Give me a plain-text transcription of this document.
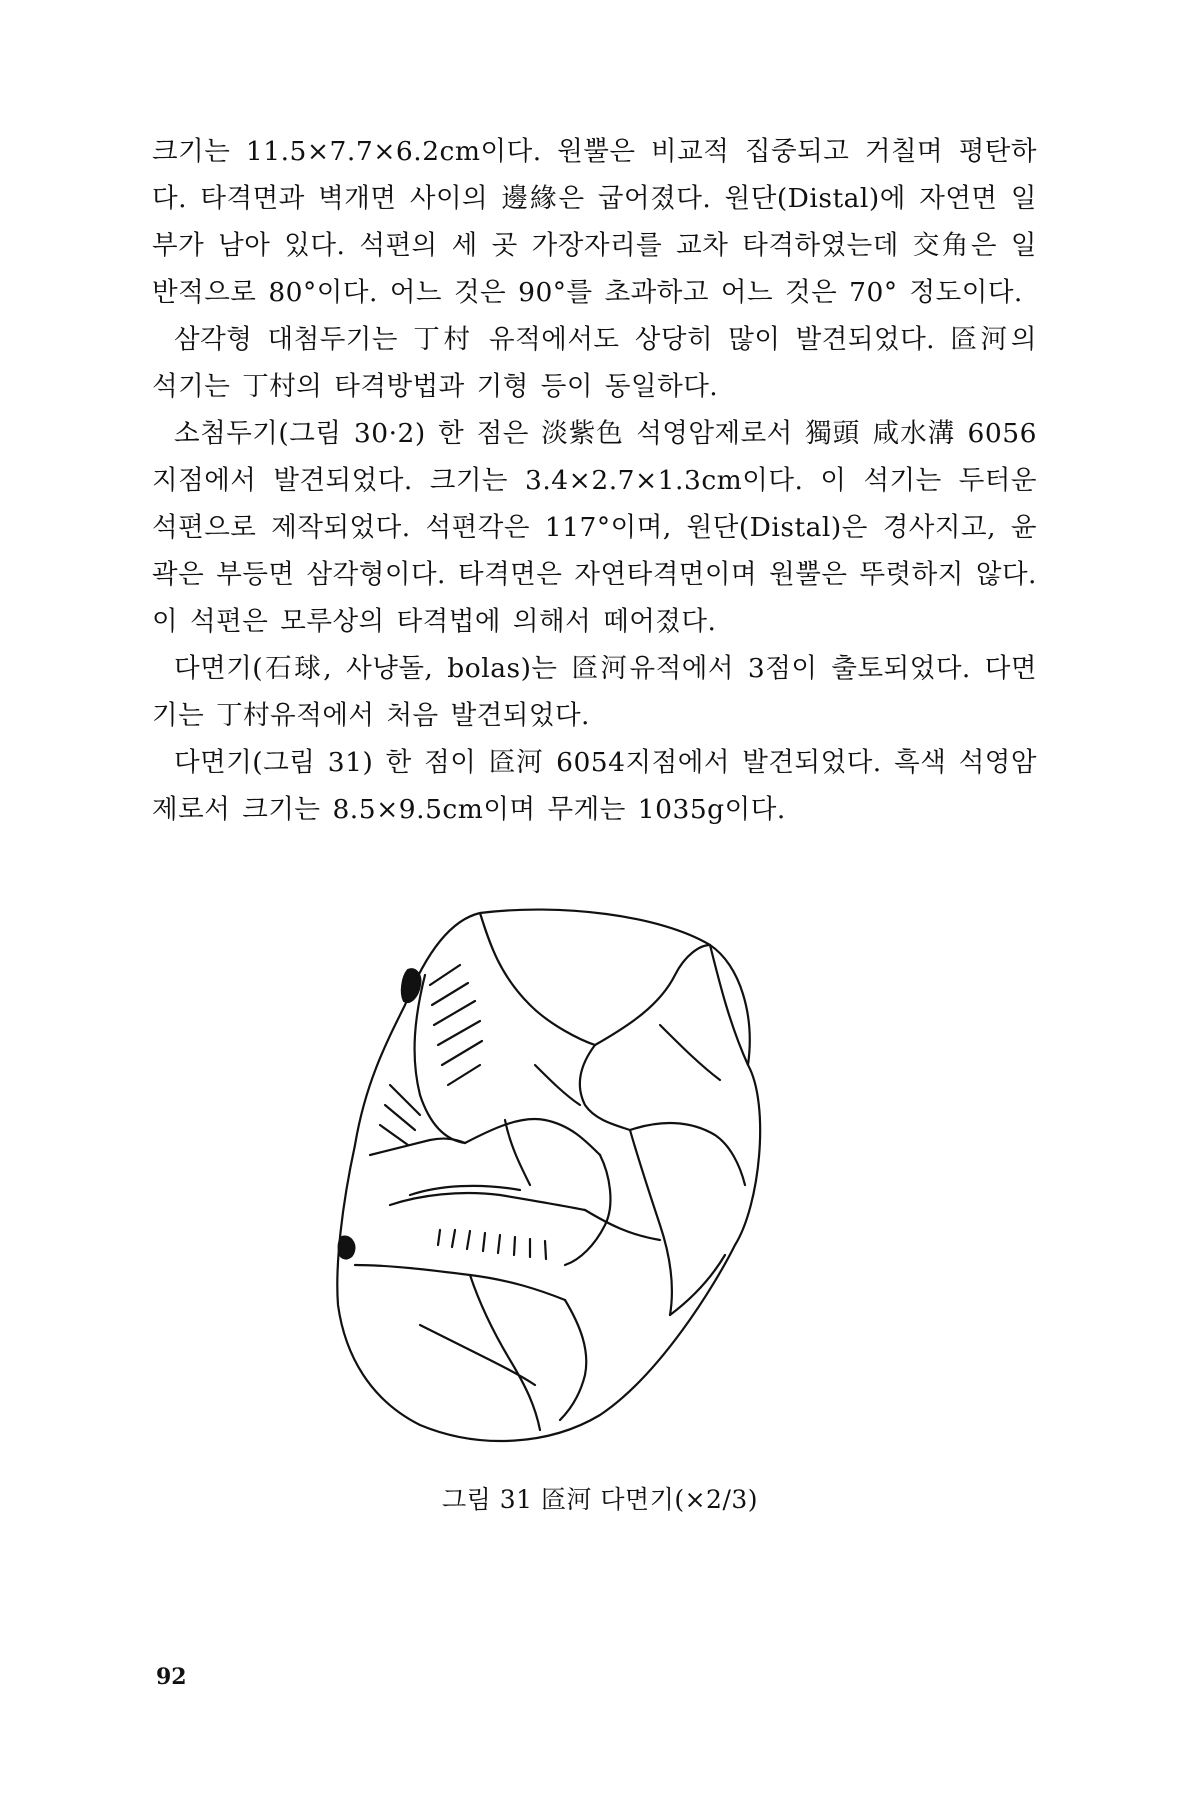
크기는 11.5×7.7×6.2cm이다. 원뿔은 비교적 집중되고 거칠며 평탄하다. 타격면과 벽개면 사이의 邊緣은 굽어졌다. 원단(Distal)에 자연면 일부가 남아 있다. 석편의 세 곳 가장자리를 교차 타격하였는데 交角은 일반적으로 80°이다. 어느 것은 90°를 초과하고 어느 것은 70° 정도이다.

삼각형 대첨두기는 丁村 유적에서도 상당히 많이 발견되었다. 匼河의 석기는 丁村의 타격방법과 기형 등이 동일하다.

소첨두기(그림 30·2) 한 점은 淡紫色 석영암제로서 獨頭 咸水溝 6056지점에서 발견되었다. 크기는 3.4×2.7×1.3cm이다. 이 석기는 두터운 석편으로 제작되었다. 석편각은 117°이며, 원단(Distal)은 경사지고, 윤곽은 부등면 삼각형이다. 타격면은 자연타격면이며 원뿔은 뚜렷하지 않다. 이 석편은 모루상의 타격법에 의해서 떼어졌다.

다면기(石球, 사냥돌, bolas)는 匼河유적에서 3점이 출토되었다. 다면기는 丁村유적에서 처음 발견되었다.

다면기(그림 31) 한 점이 匼河 6054지점에서 발견되었다. 흑색 석영암제로서 크기는 8.5×9.5cm이며 무게는 1035g이다.

그림 31 匼河 다면기(×2/3)
92
